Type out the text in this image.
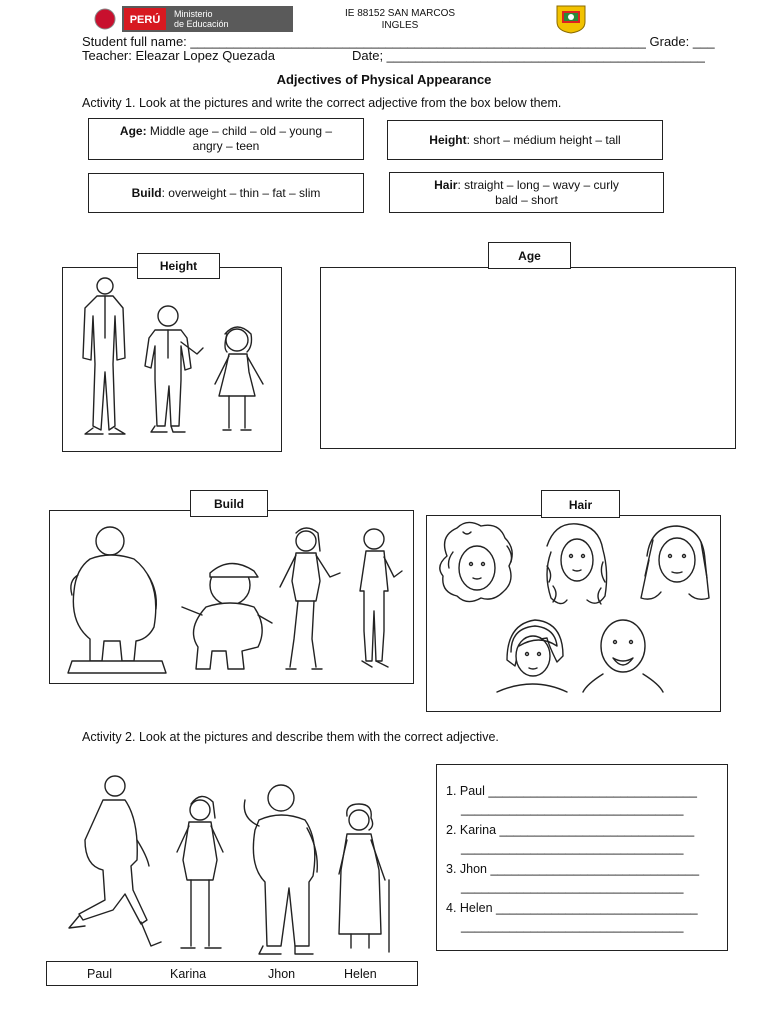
PERÚ Ministerio
de Educación
IE 88152 SAN MARCOS
INGLES
Student full name: _______________________________________________________________ Grade: ___
Teacher: Eleazar Lopez Quezada	Date; ____________________________________________
Adjectives of Physical Appearance
Activity 1. Look at the pictures and write the correct adjective from the box below them.
Age: Middle age – child – old – young –
angry – teen	Height: short – médium height – tall
Build: overweight – thin – fat – slim
Hair: straight – long – wavy – curly
bald – short
Height
Age
Build	Hair
Activity 2. Look at the pictures and describe them with the correct adjective.
Paul	Karina	Jhon	Helen
1. Paul ______________________________
________________________________
2. Karina ____________________________
________________________________
3. Jhon ______________________________
________________________________
4. Helen _____________________________
________________________________
